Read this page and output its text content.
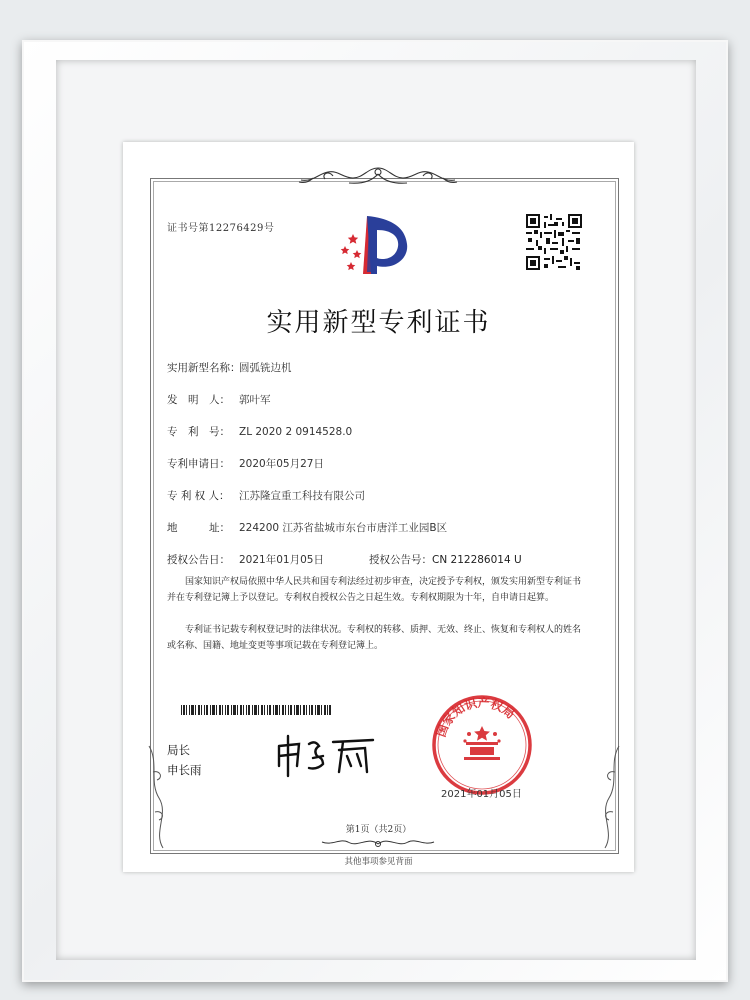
证书号第12276429号
实用新型专利证书
实用新型名称：圆弧铣边机
发　明　人： 郭叶军
专　利　号： ZL 2020 2 0914528.0
专利申请日： 2020年05月27日
专 利 权 人： 江苏隆宣重工科技有限公司
地　　　址： 224200 江苏省盐城市东台市唐洋工业园B区
授权公告日： 2021年01月05日	授权公告号：CN 212286014 U
国家知识产权局依照中华人民共和国专利法经过初步审查，决定授予专利权，颁发实用新型专利证书并在专利登记簿上予以登记。专利权自授权公告之日起生效。专利权期限为十年，自申请日起算。
专利证书记载专利权登记时的法律状况。专利权的转移、质押、无效、终止、恢复和专利权人的姓名或名称、国籍、地址变更等事项记载在专利登记簿上。
局长
申长雨
国家知识产权局
2021年01月05日
第1页（共2页）
其他事项参见背面
